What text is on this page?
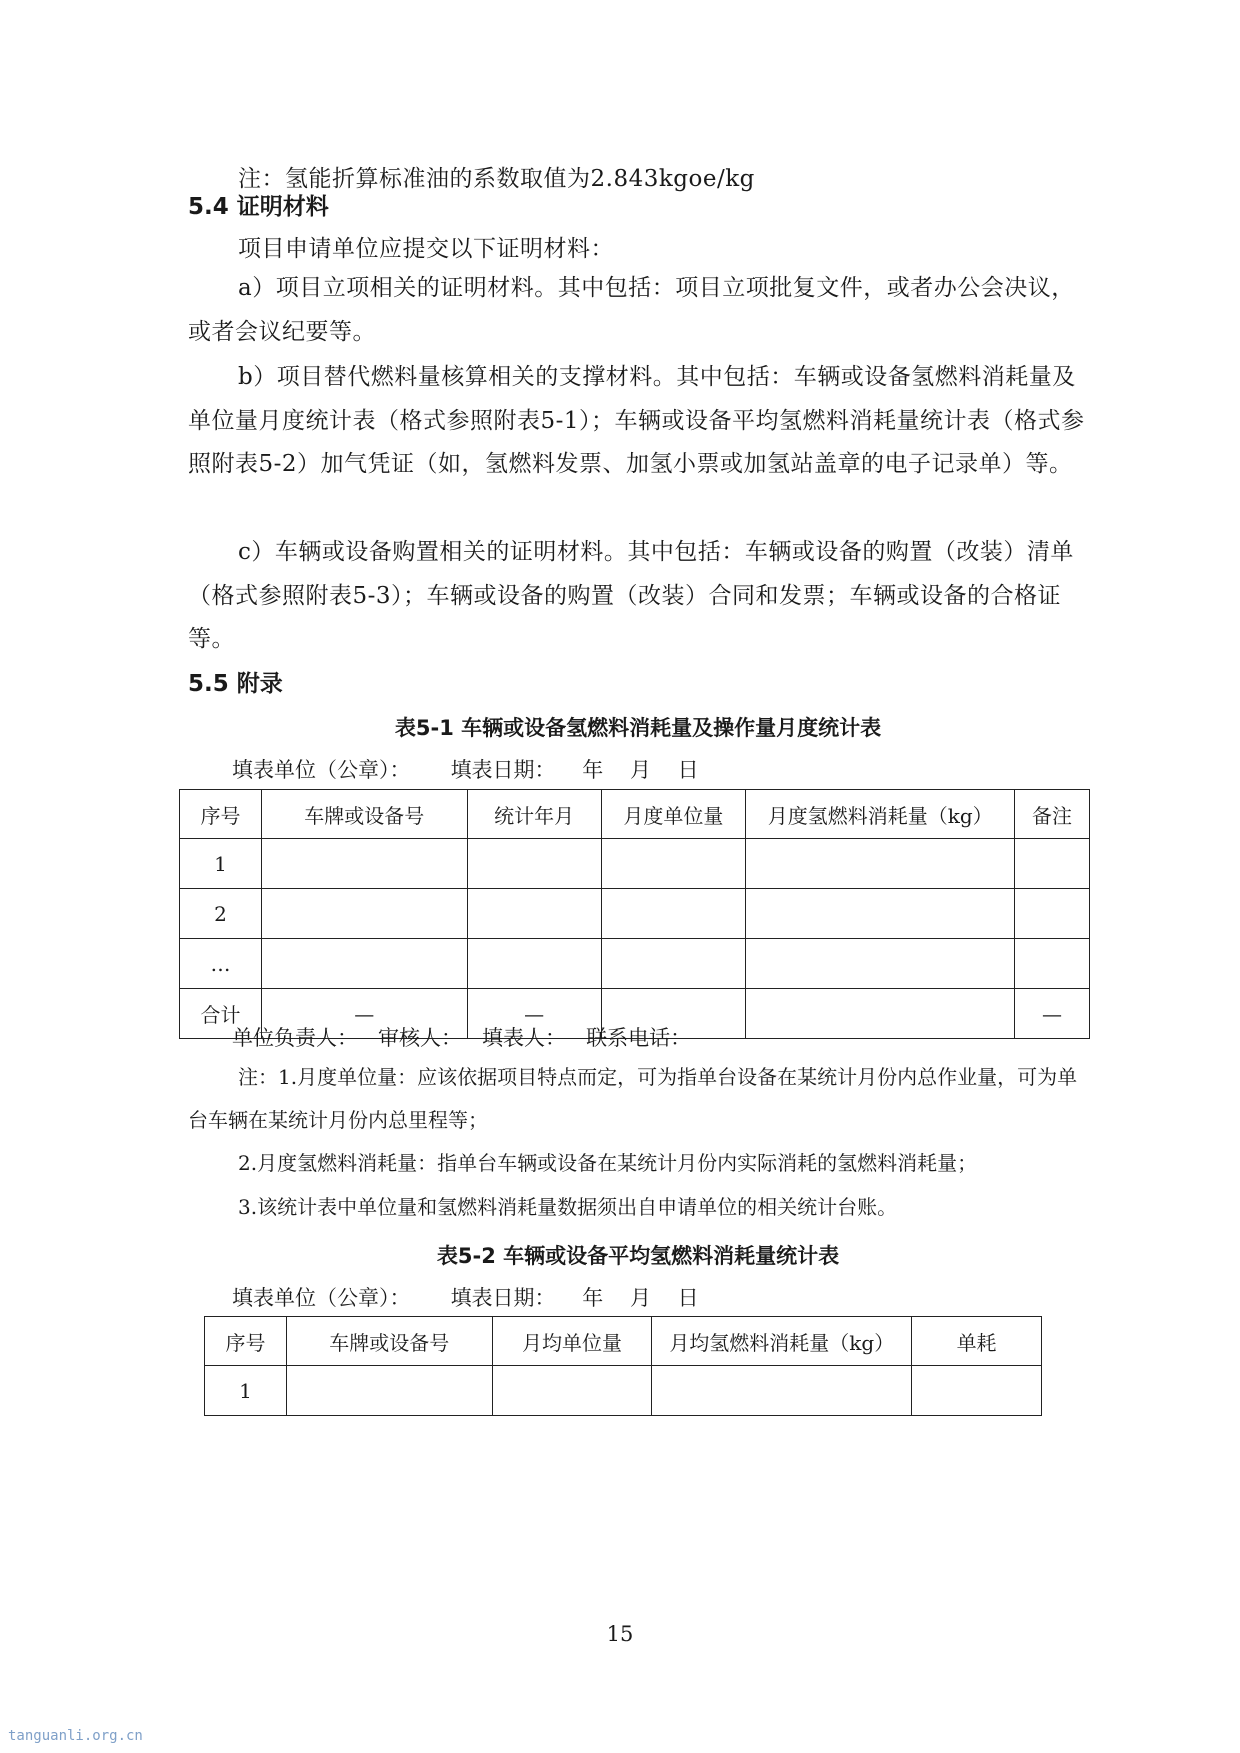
注：氢能折算标准油的系数取值为2.843kgoe/kg

5.4 证明材料

项目申请单位应提交以下证明材料：

a）项目立项相关的证明材料。其中包括：项目立项批复文件，或者办公会决议，或者会议纪要等。

b）项目替代燃料量核算相关的支撑材料。其中包括：车辆或设备氢燃料消耗量及单位量月度统计表（格式参照附表5-1）；车辆或设备平均氢燃料消耗量统计表（格式参照附表5-2）加气凭证（如，氢燃料发票、加氢小票或加氢站盖章的电子记录单）等。

c）车辆或设备购置相关的证明材料。其中包括：车辆或设备的购置（改装）清单（格式参照附表5-3）；车辆或设备的购置（改装）合同和发票；车辆或设备的合格证等。

5.5 附录

表5-1 车辆或设备氢燃料消耗量及操作量月度统计表

填表单位（公章）： 填表日期： 年 月 日
序号	车牌或设备号	统计年月	月度单位量	月度氢燃料消耗量（kg）	备注
1					
2					
…					
合计	—	—			—
单位负责人：   审核人：   填表人：   联系电话：

注：1.月度单位量：应该依据项目特点而定，可为指单台设备在某统计月份内总作业量，可为单台车辆在某统计月份内总里程等；

2.月度氢燃料消耗量：指单台车辆或设备在某统计月份内实际消耗的氢燃料消耗量；

3.该统计表中单位量和氢燃料消耗量数据须出自申请单位的相关统计台账。

表5-2 车辆或设备平均氢燃料消耗量统计表

填表单位（公章）： 填表日期： 年 月 日
序号	车牌或设备号	月均单位量	月均氢燃料消耗量（kg）	单耗
1				
15
tanguanli.org.cn
